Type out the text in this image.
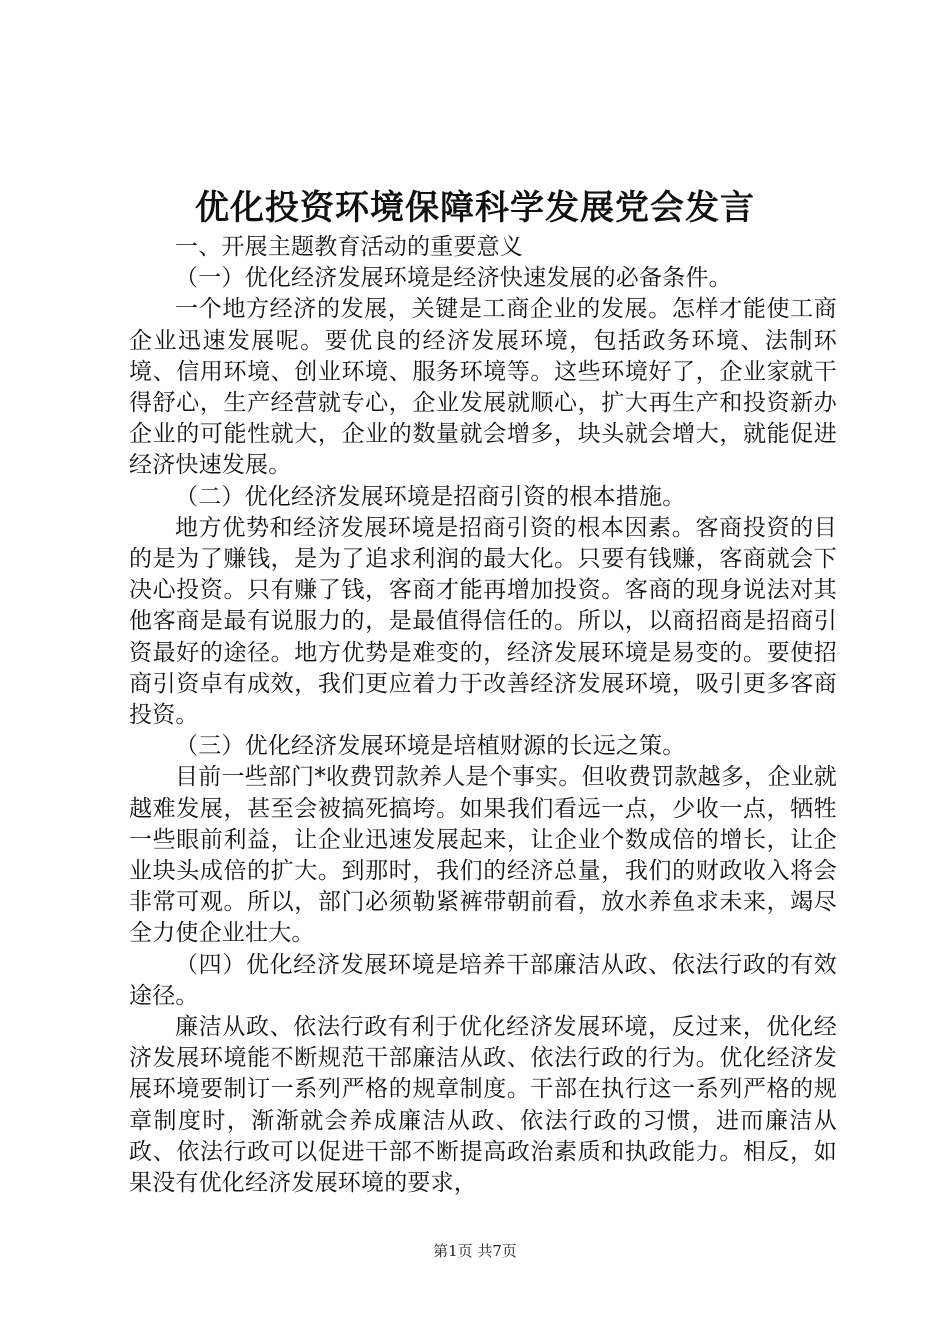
优化投资环境保障科学发展党会发言

一、开展主题教育活动的重要意义

（一）优化经济发展环境是经济快速发展的必备条件。

一个地方经济的发展，关键是工商企业的发展。怎样才能使工商企业迅速发展呢。要优良的经济发展环境，包括政务环境、法制环境、信用环境、创业环境、服务环境等。这些环境好了，企业家就干得舒心，生产经营就专心，企业发展就顺心，扩大再生产和投资新办企业的可能性就大，企业的数量就会增多，块头就会增大，就能促进经济快速发展。

（二）优化经济发展环境是招商引资的根本措施。

地方优势和经济发展环境是招商引资的根本因素。客商投资的目的是为了赚钱，是为了追求利润的最大化。只要有钱赚，客商就会下决心投资。只有赚了钱，客商才能再增加投资。客商的现身说法对其他客商是最有说服力的，是最值得信任的。所以，以商招商是招商引资最好的途径。地方优势是难变的，经济发展环境是易变的。要使招商引资卓有成效，我们更应着力于改善经济发展环境，吸引更多客商投资。

（三）优化经济发展环境是培植财源的长远之策。

目前一些部门*收费罚款养人是个事实。但收费罚款越多，企业就越难发展，甚至会被搞死搞垮。如果我们看远一点，少收一点，牺牲一些眼前利益，让企业迅速发展起来，让企业个数成倍的增长，让企业块头成倍的扩大。到那时，我们的经济总量，我们的财政收入将会非常可观。所以，部门必须勒紧裤带朝前看，放水养鱼求未来，竭尽全力使企业壮大。

（四）优化经济发展环境是培养干部廉洁从政、依法行政的有效途径。

廉洁从政、依法行政有利于优化经济发展环境，反过来，优化经济发展环境能不断规范干部廉洁从政、依法行政的行为。优化经济发展环境要制订一系列严格的规章制度。干部在执行这一系列严格的规章制度时，渐渐就会养成廉洁从政、依法行政的习惯，进而廉洁从政、依法行政可以促进干部不断提高政治素质和执政能力。相反，如果没有优化经济发展环境的要求，

第1页 共7页
